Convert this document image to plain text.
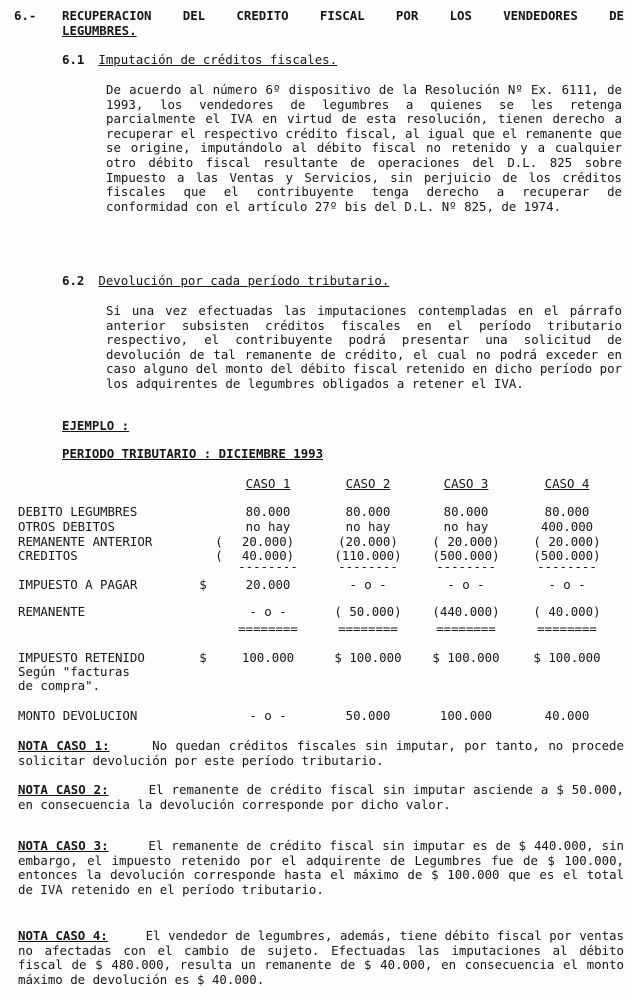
6.- RECUPERACION DEL CREDITO FISCAL POR LOS VENDEDORES DE
LEGUMBRES.
6.1 Imputación de créditos fiscales.

De acuerdo al número 6º dispositivo de la Resolución Nº Ex. 6111, de 1993, los vendedores de legumbres a quienes se les retenga parcialmente el IVA en virtud de esta resolución, tienen derecho a recuperar el respectivo crédito fiscal, al igual que el remanente que se origine, imputándolo al débito fiscal no retenido y a cualquier otro débito fiscal resultante de operaciones del D.L. 825 sobre Impuesto a las Ventas y Servicios, sin perjuicio de los créditos fiscales que el contribuyente tenga derecho a recuperar de conformidad con el artículo 27º bis del D.L. Nº 825, de 1974.

6.2 Devolución por cada período tributario.

Si una vez efectuadas las imputaciones contempladas en el párrafo anterior subsisten créditos fiscales en el período tributario respectivo, el contribuyente podrá presentar una solicitud de devolución de tal remanente de crédito, el cual no podrá exceder en caso alguno del monto del débito fiscal retenido en dicho período por los adquirentes de legumbres obligados a retener el IVA.

EJEMPLO :
PERIODO TRIBUTARIO : DICIEMBRE 1993
CASO 1	CASO 2	CASO 3	CASO 4
DEBITO LEGUMBRES	80.000	80.000	80.000	80.000
OTROS DEBITOS	no hay	no hay	no hay	400.000
REMANENTE ANTERIOR	(	20.000)	(20.000)	( 20.000)	( 20.000)
CREDITOS	(	40.000)	(110.000)	(500.000)	(500.000)
--------	--------	--------	--------
IMPUESTO A PAGAR	$	20.000	- o -	- o -	- o -
REMANENTE	- o -	( 50.000)	(440.000)	( 40.000)
========	========	========	========
IMPUESTO RETENIDO	$	100.000	$ 100.000	$ 100.000	$ 100.000
Según "facturas
de compra".
MONTO DEVOLUCION	- o -	50.000	100.000	40.000
NOTA CASO 1:	No quedan créditos fiscales sin imputar, por tanto, no procede solicitar devolución por este período tributario.
NOTA CASO 2:	El remanente de crédito fiscal sin imputar asciende a $ 50.000, en consecuencia la devolución corresponde por dicho valor.
NOTA CASO 3:	El remanente de crédito fiscal sin imputar es de $ 440.000, sin embargo, el impuesto retenido por el adquirente de Legumbres fue de $ 100.000, entonces la devolución corresponde hasta el máximo de $ 100.000 que es el total de IVA retenido en el período tributario.
NOTA CASO 4:	El vendedor de legumbres, además, tiene débito fiscal por ventas no afectadas con el cambio de sujeto. Efectuadas las imputaciones al débito fiscal de $ 480.000, resulta un remanente de $ 40.000, en consecuencia el monto máximo de devolución es $ 40.000.
